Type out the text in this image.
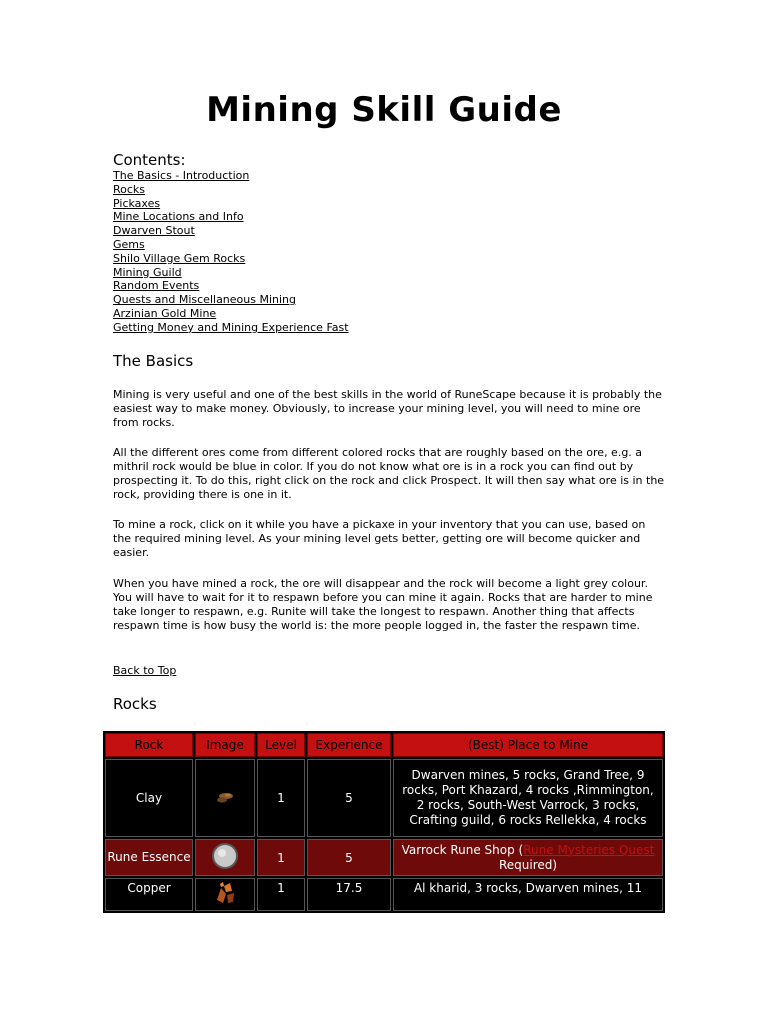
Mining Skill Guide
Contents:
The Basics - Introduction
Rocks
Pickaxes
Mine Locations and Info
Dwarven Stout
Gems
Shilo Village Gem Rocks
Mining Guild
Random Events
Quests and Miscellaneous Mining
Arzinian Gold Mine
Getting Money and Mining Experience Fast
The Basics

Mining is very useful and one of the best skills in the world of RuneScape because it is probably the easiest way to make money. Obviously, to increase your mining level, you will need to mine ore from rocks.

All the different ores come from different colored rocks that are roughly based on the ore, e.g. a mithril rock would be blue in color. If you do not know what ore is in a rock you can find out by prospecting it. To do this, right click on the rock and click Prospect. It will then say what ore is in the rock, providing there is one in it.

To mine a rock, click on it while you have a pickaxe in your inventory that you can use, based on the required mining level. As your mining level gets better, getting ore will become quicker and easier.

When you have mined a rock, the ore will disappear and the rock will become a light grey colour. You will have to wait for it to respawn before you can mine it again. Rocks that are harder to mine take longer to respawn, e.g. Runite will take the longest to respawn. Another thing that affects respawn time is how busy the world is: the more people logged in, the faster the respawn time.

Back to Top
Rocks
Rock	Image	Level	Experience	(Best) Place to Mine
Clay		1	5	Dwarven mines, 5 rocks, Grand Tree, 9 rocks, Port Khazard, 4 rocks ,Rimmington, 2 rocks, South-West Varrock, 3 rocks, Crafting guild, 6 rocks Rellekka, 4 rocks
Rune Essence		1	5	Varrock Rune Shop (Rune Mysteries Quest Required)
Copper		1	17.5	Al kharid, 3 rocks, Dwarven mines, 11
